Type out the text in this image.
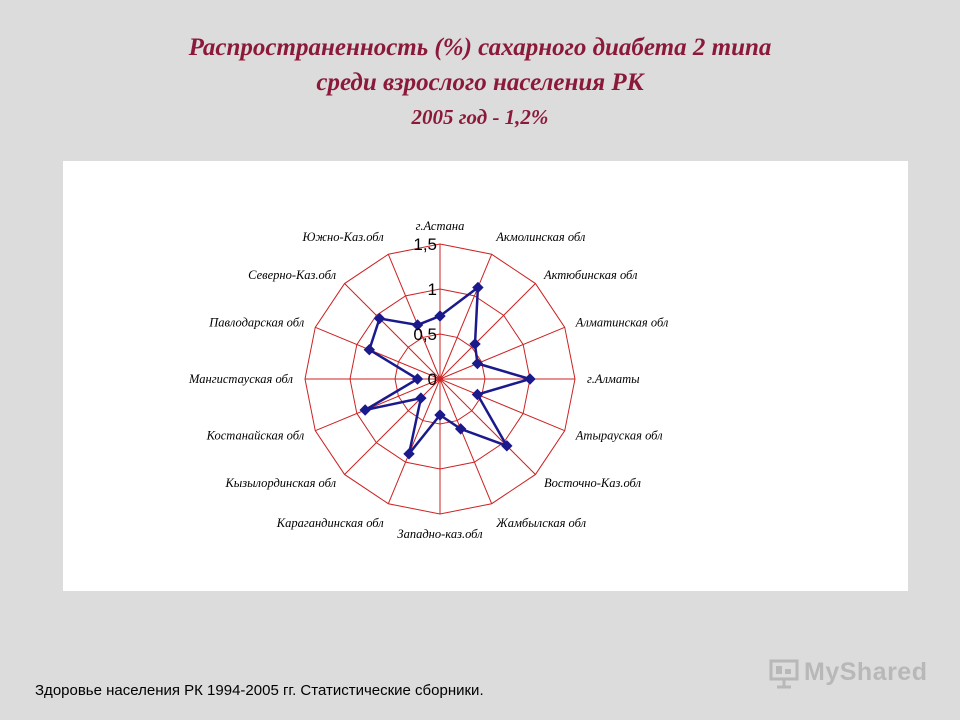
Распространенность (%) сахарного диабета 2 типа
среди взрослого населения РК
2005 год - 1,2%
г.Астана
Акмолинская обл
Актюбинская обл
Алматинская обл
г.Алматы
Атырауская обл
Восточно-Каз.обл
Жамбылская обл
Западно-каз.обл
Карагандинская обл
Кызылординская обл
Костанайская обл
Мангистауская обл
Павлодарская обл
Северно-Каз.обл
Южно-Каз.обл
0
0,5
1
1,5
Здоровье населения РК 1994-2005 гг. Статистические сборники.
MyShared
